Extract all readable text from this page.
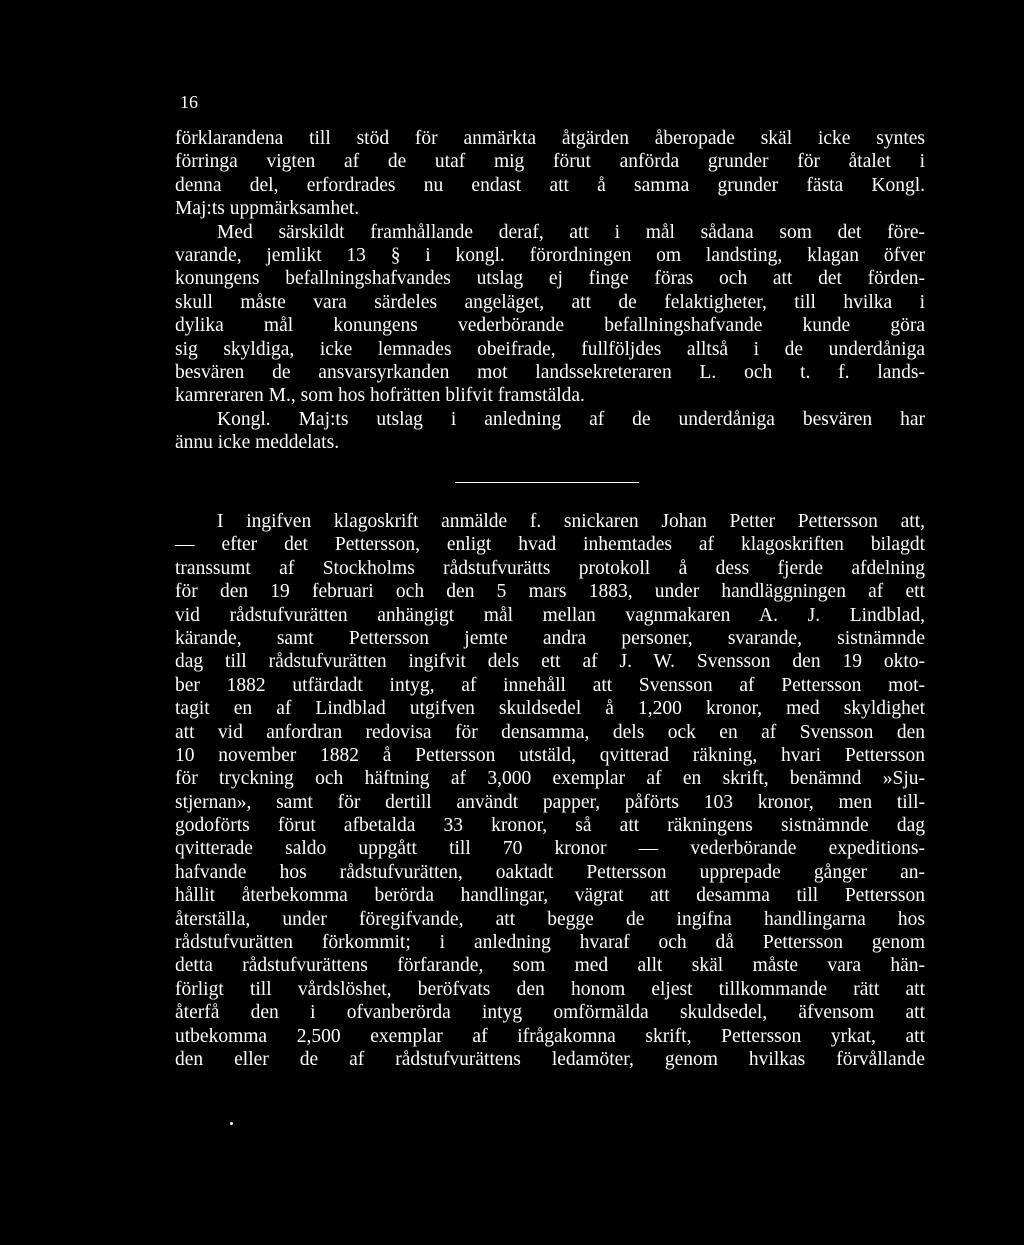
16
förklarandena till stöd för anmärkta åtgärden åberopade skäl icke syntes
förringa vigten af de utaf mig förut anförda grunder för åtalet i
denna del, erfordrades nu endast att å samma grunder fästa Kongl.
Maj:ts uppmärksamhet.
Med särskildt framhållande deraf, att i mål sådana som det före-
varande, jemlikt 13 § i kongl. förordningen om landsting, klagan öfver
konungens befallningshafvandes utslag ej finge föras och att det förden-
skull måste vara särdeles angeläget, att de felaktigheter, till hvilka i
dylika mål konungens vederbörande befallningshafvande kunde göra
sig skyldiga, icke lemnades obeifrade, fullföljdes alltså i de underdåniga
besvären de ansvarsyrkanden mot landssekreteraren L. och t. f. lands-
kamreraren M., som hos hofrätten blifvit framstälda.
Kongl. Maj:ts utslag i anledning af de underdåniga besvären har
ännu icke meddelats.
I ingifven klagoskrift anmälde f. snickaren Johan Petter Pettersson att,
— efter det Pettersson, enligt hvad inhemtades af klagoskriften bilagdt
transsumt af Stockholms rådstufvurätts protokoll å dess fjerde afdelning
för den 19 februari och den 5 mars 1883, under handläggningen af ett
vid rådstufvurätten anhängigt mål mellan vagnmakaren A. J. Lindblad,
kärande, samt Pettersson jemte andra personer, svarande, sistnämnde
dag till rådstufvurätten ingifvit dels ett af J. W. Svensson den 19 okto-
ber 1882 utfärdadt intyg, af innehåll att Svensson af Pettersson mot-
tagit en af Lindblad utgifven skuldsedel å 1,200 kronor, med skyldighet
att vid anfordran redovisa för densamma, dels ock en af Svensson den
10 november 1882 å Pettersson utstäld, qvitterad räkning, hvari Pettersson
för tryckning och häftning af 3,000 exemplar af en skrift, benämnd »Sju-
stjernan», samt för dertill användt papper, påförts 103 kronor, men till-
godoförts förut afbetalda 33 kronor, så att räkningens sistnämnde dag
qvitterade saldo uppgått till 70 kronor — vederbörande expeditions-
hafvande hos rådstufvurätten, oaktadt Pettersson upprepade gånger an-
hållit återbekomma berörda handlingar, vägrat att desamma till Pettersson
återställa, under föregifvande, att begge de ingifna handlingarna hos
rådstufvurätten förkommit; i anledning hvaraf och då Pettersson genom
detta rådstufvurättens förfarande, som med allt skäl måste vara hän-
förligt till vårdslöshet, beröfvats den honom eljest tillkommande rätt att
återfå den i ofvanberörda intyg omförmälda skuldsedel, äfvensom att
utbekomma 2,500 exemplar af ifrågakomna skrift, Pettersson yrkat, att
den eller de af rådstufvurättens ledamöter, genom hvilkas förvållande
